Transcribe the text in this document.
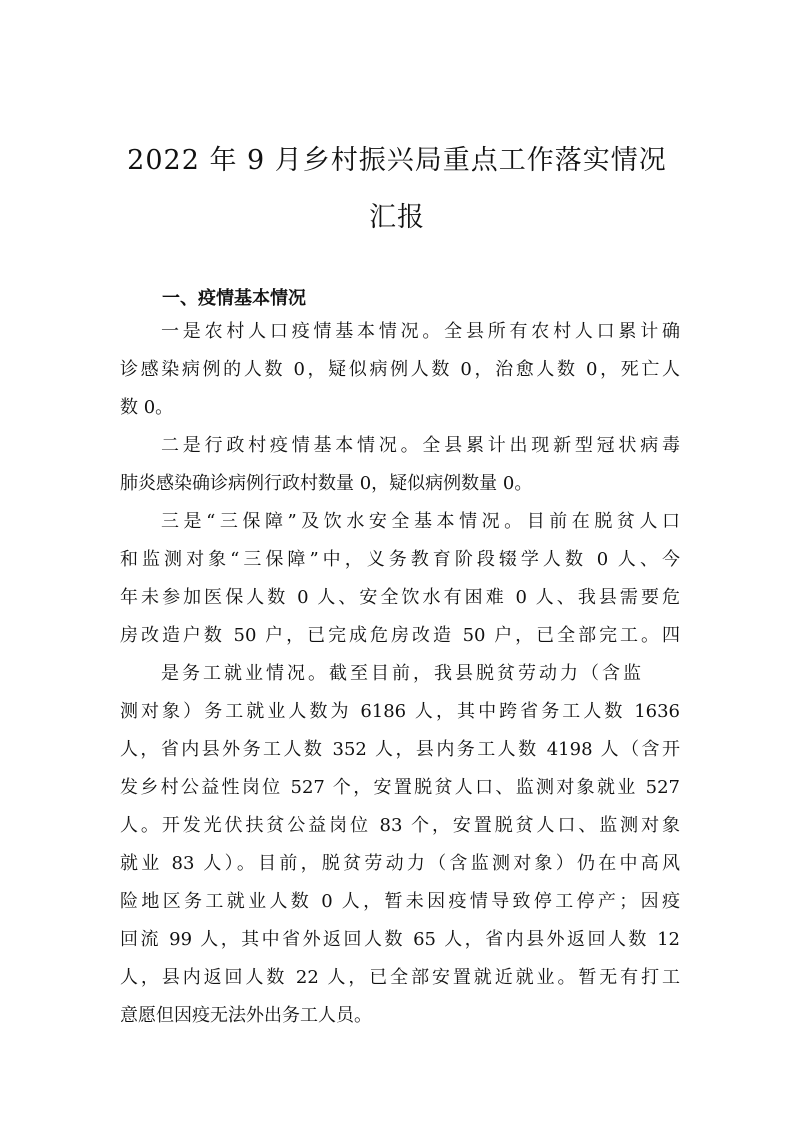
2022 年 9 月乡村振兴局重点工作落实情况
汇报
一、疫情基本情况
一是农村人口疫情基本情况。全县所有农村人口累计确
诊感染病例的人数 0，疑似病例人数 0，治愈人数 0，死亡人
数 0。
二是行政村疫情基本情况。全县累计出现新型冠状病毒
肺炎感染确诊病例行政村数量 0，疑似病例数量 0。
三是“三保障”及饮水安全基本情况。目前在脱贫人口
和监测对象“三保障”中，义务教育阶段辍学人数 0 人、今
年未参加医保人数 0 人、安全饮水有困难 0 人、我县需要危
房改造户数 50 户，已完成危房改造 50 户，已全部完工。四
是务工就业情况。截至目前，我县脱贫劳动力（含监
测对象）务工就业人数为 6186 人，其中跨省务工人数 1636
人，省内县外务工人数 352 人，县内务工人数 4198 人（含开
发乡村公益性岗位 527 个，安置脱贫人口、监测对象就业 527
人。开发光伏扶贫公益岗位 83 个，安置脱贫人口、监测对象
就业 83 人）。目前，脱贫劳动力（含监测对象）仍在中高风
险地区务工就业人数 0 人，暂未因疫情导致停工停产；因疫
回流 99 人，其中省外返回人数 65 人，省内县外返回人数 12
人，县内返回人数 22 人，已全部安置就近就业。暂无有打工
意愿但因疫无法外出务工人员。
